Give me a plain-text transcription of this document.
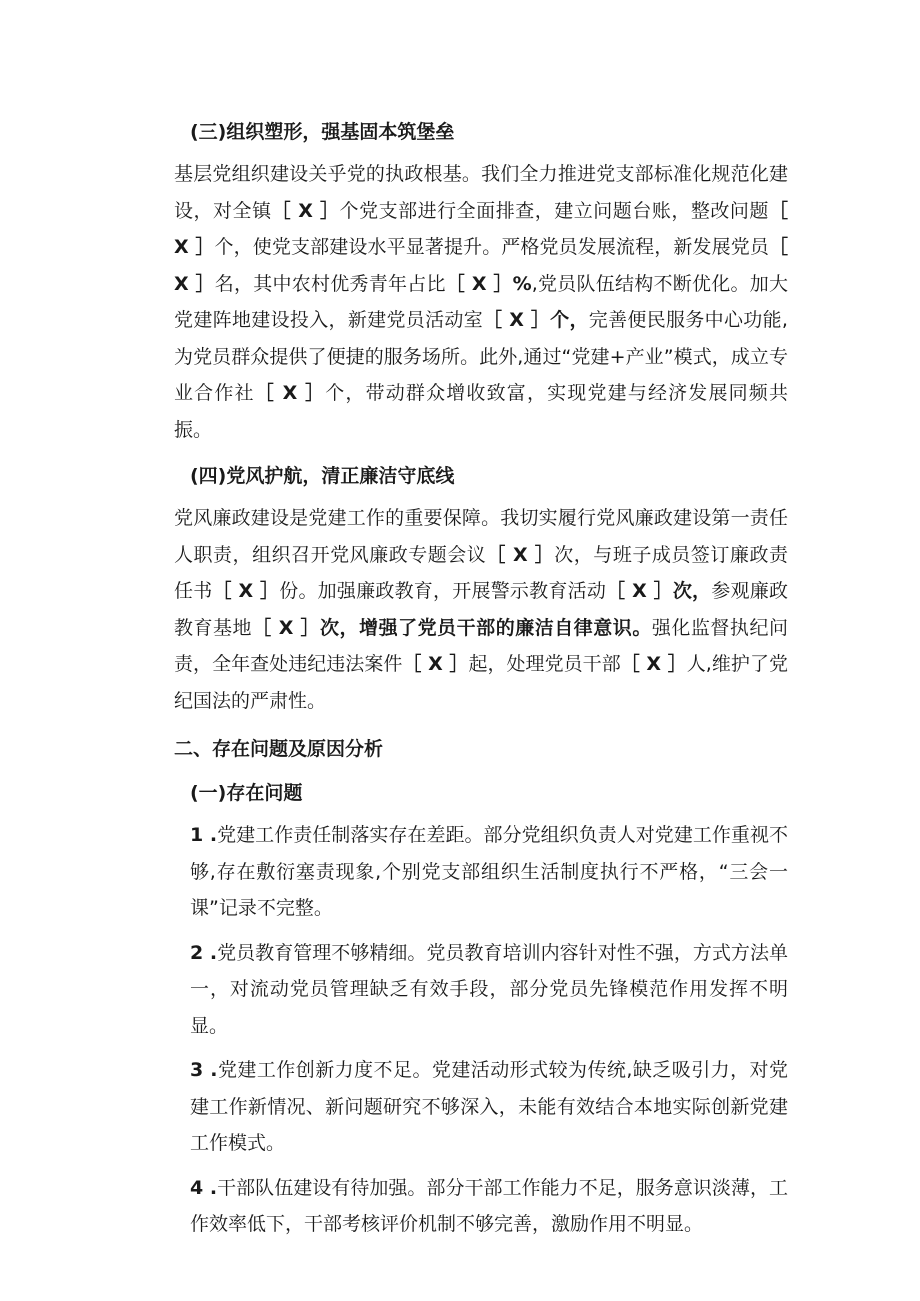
(三)组织塑形，强基固本筑堡垒

基层党组织建设关乎党的执政根基。我们全力推进党支部标准化规范化建设，对全镇［ X ］个党支部进行全面排查，建立问题台账，整改问题［ X ］个，使党支部建设水平显著提升。严格党员发展流程，新发展党员［ X ］名，其中农村优秀青年占比［ X ］%,党员队伍结构不断优化。加大党建阵地建设投入，新建党员活动室［ X ］个，完善便民服务中心功能,为党员群众提供了便捷的服务场所。此外,通过“党建+产业”模式，成立专业合作社［ X ］个，带动群众增收致富，实现党建与经济发展同频共振。

(四)党风护航，清正廉洁守底线

党风廉政建设是党建工作的重要保障。我切实履行党风廉政建设第一责任人职责，组织召开党风廉政专题会议［ X ］次，与班子成员签订廉政责任书［ X ］份。加强廉政教育，开展警示教育活动［ X ］次，参观廉政教育基地［ X ］次，增强了党员干部的廉洁自律意识。强化监督执纪问责，全年查处违纪违法案件［ X ］起，处理党员干部［ X ］人,维护了党纪国法的严肃性。

二、存在问题及原因分析

(一)存在问题

1 .党建工作责任制落实存在差距。部分党组织负责人对党建工作重视不够,存在敷衍塞责现象,个别党支部组织生活制度执行不严格，“三会一课”记录不完整。

2 .党员教育管理不够精细。党员教育培训内容针对性不强，方式方法单一，对流动党员管理缺乏有效手段，部分党员先锋模范作用发挥不明显。

3 .党建工作创新力度不足。党建活动形式较为传统,缺乏吸引力，对党建工作新情况、新问题研究不够深入，未能有效结合本地实际创新党建工作模式。

4 .干部队伍建设有待加强。部分干部工作能力不足，服务意识淡薄，工作效率低下，干部考核评价机制不够完善，激励作用不明显。
